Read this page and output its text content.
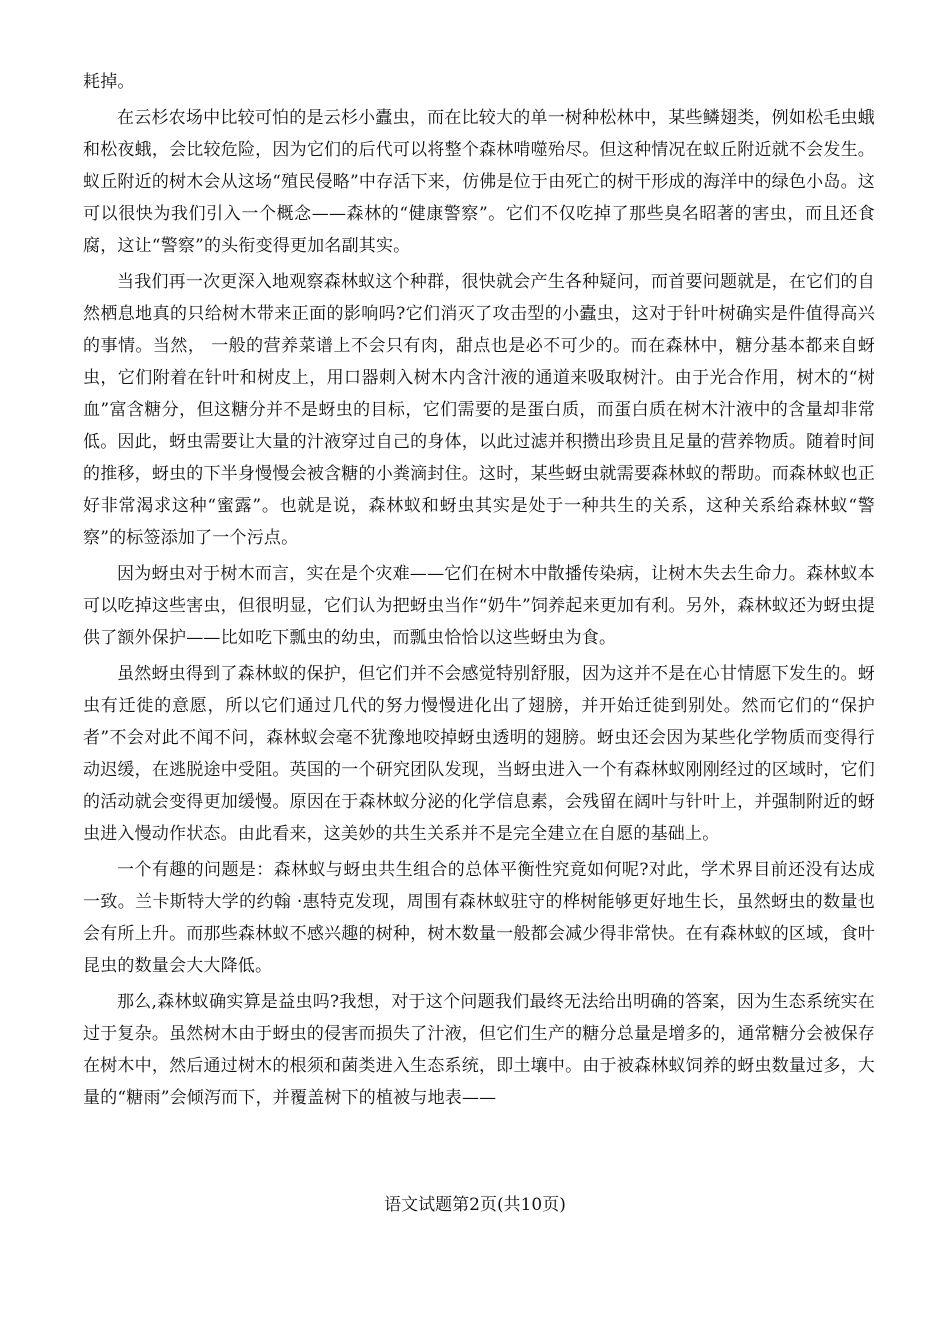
耗掉。

在云杉农场中比较可怕的是云杉小蠹虫，而在比较大的单一树种松林中，某些鳞翅类，例如松毛虫蛾和松夜蛾，会比较危险，因为它们的后代可以将整个森林啃噬殆尽。但这种情况在蚁丘附近就不会发生。蚁丘附近的树木会从这场“殖民侵略”中存活下来，仿佛是位于由死亡的树干形成的海洋中的绿色小岛。这可以很快为我们引入一个概念——森林的“健康警察”。它们不仅吃掉了那些臭名昭著的害虫，而且还食腐，这让“警察”的头衔变得更加名副其实。

当我们再一次更深入地观察森林蚁这个种群，很快就会产生各种疑问，而首要问题就是，在它们的自然栖息地真的只给树木带来正面的影响吗?它们消灭了攻击型的小蠹虫，这对于针叶树确实是件值得高兴的事情。当然， 一般的营养菜谱上不会只有肉，甜点也是必不可少的。而在森林中，糖分基本都来自蚜虫，它们附着在针叶和树皮上，用口器刺入树木内含汁液的通道来吸取树汁。由于光合作用，树木的“树血”富含糖分，但这糖分并不是蚜虫的目标，它们需要的是蛋白质，而蛋白质在树木汁液中的含量却非常低。因此，蚜虫需要让大量的汁液穿过自己的身体，以此过滤并积攒出珍贵且足量的营养物质。随着时间的推移，蚜虫的下半身慢慢会被含糖的小粪滴封住。这时，某些蚜虫就需要森林蚁的帮助。而森林蚁也正好非常渴求这种“蜜露”。也就是说，森林蚁和蚜虫其实是处于一种共生的关系，这种关系给森林蚁“警察”的标签添加了一个污点。

因为蚜虫对于树木而言，实在是个灾难——它们在树木中散播传染病，让树木失去生命力。森林蚁本可以吃掉这些害虫，但很明显，它们认为把蚜虫当作“奶牛”饲养起来更加有利。另外，森林蚁还为蚜虫提供了额外保护——比如吃下瓢虫的幼虫，而瓢虫恰恰以这些蚜虫为食。

虽然蚜虫得到了森林蚁的保护，但它们并不会感觉特别舒服，因为这并不是在心甘情愿下发生的。蚜虫有迁徙的意愿，所以它们通过几代的努力慢慢进化出了翅膀，并开始迁徙到别处。然而它们的“保护者”不会对此不闻不问，森林蚁会毫不犹豫地咬掉蚜虫透明的翅膀。蚜虫还会因为某些化学物质而变得行动迟缓，在逃脱途中受阻。英国的一个研究团队发现，当蚜虫进入一个有森林蚁刚刚经过的区域时，它们的活动就会变得更加缓慢。原因在于森林蚁分泌的化学信息素，会残留在阔叶与针叶上，并强制附近的蚜虫进入慢动作状态。由此看来，这美妙的共生关系并不是完全建立在自愿的基础上。

一个有趣的问题是：森林蚁与蚜虫共生组合的总体平衡性究竟如何呢?对此，学术界目前还没有达成一致。兰卡斯特大学的约翰 ·惠特克发现，周围有森林蚁驻守的桦树能够更好地生长，虽然蚜虫的数量也会有所上升。而那些森林蚁不感兴趣的树种，树木数量一般都会减少得非常快。在有森林蚁的区域，食叶昆虫的数量会大大降低。

那么,森林蚁确实算是益虫吗?我想，对于这个问题我们最终无法给出明确的答案，因为生态系统实在过于复杂。虽然树木由于蚜虫的侵害而损失了汁液，但它们生产的糖分总量是增多的，通常糖分会被保存在树木中，然后通过树木的根须和菌类进入生态系统，即土壤中。由于被森林蚁饲养的蚜虫数量过多，大量的“糖雨”会倾泻而下，并覆盖树下的植被与地表——

语文试题第2页(共10页)
